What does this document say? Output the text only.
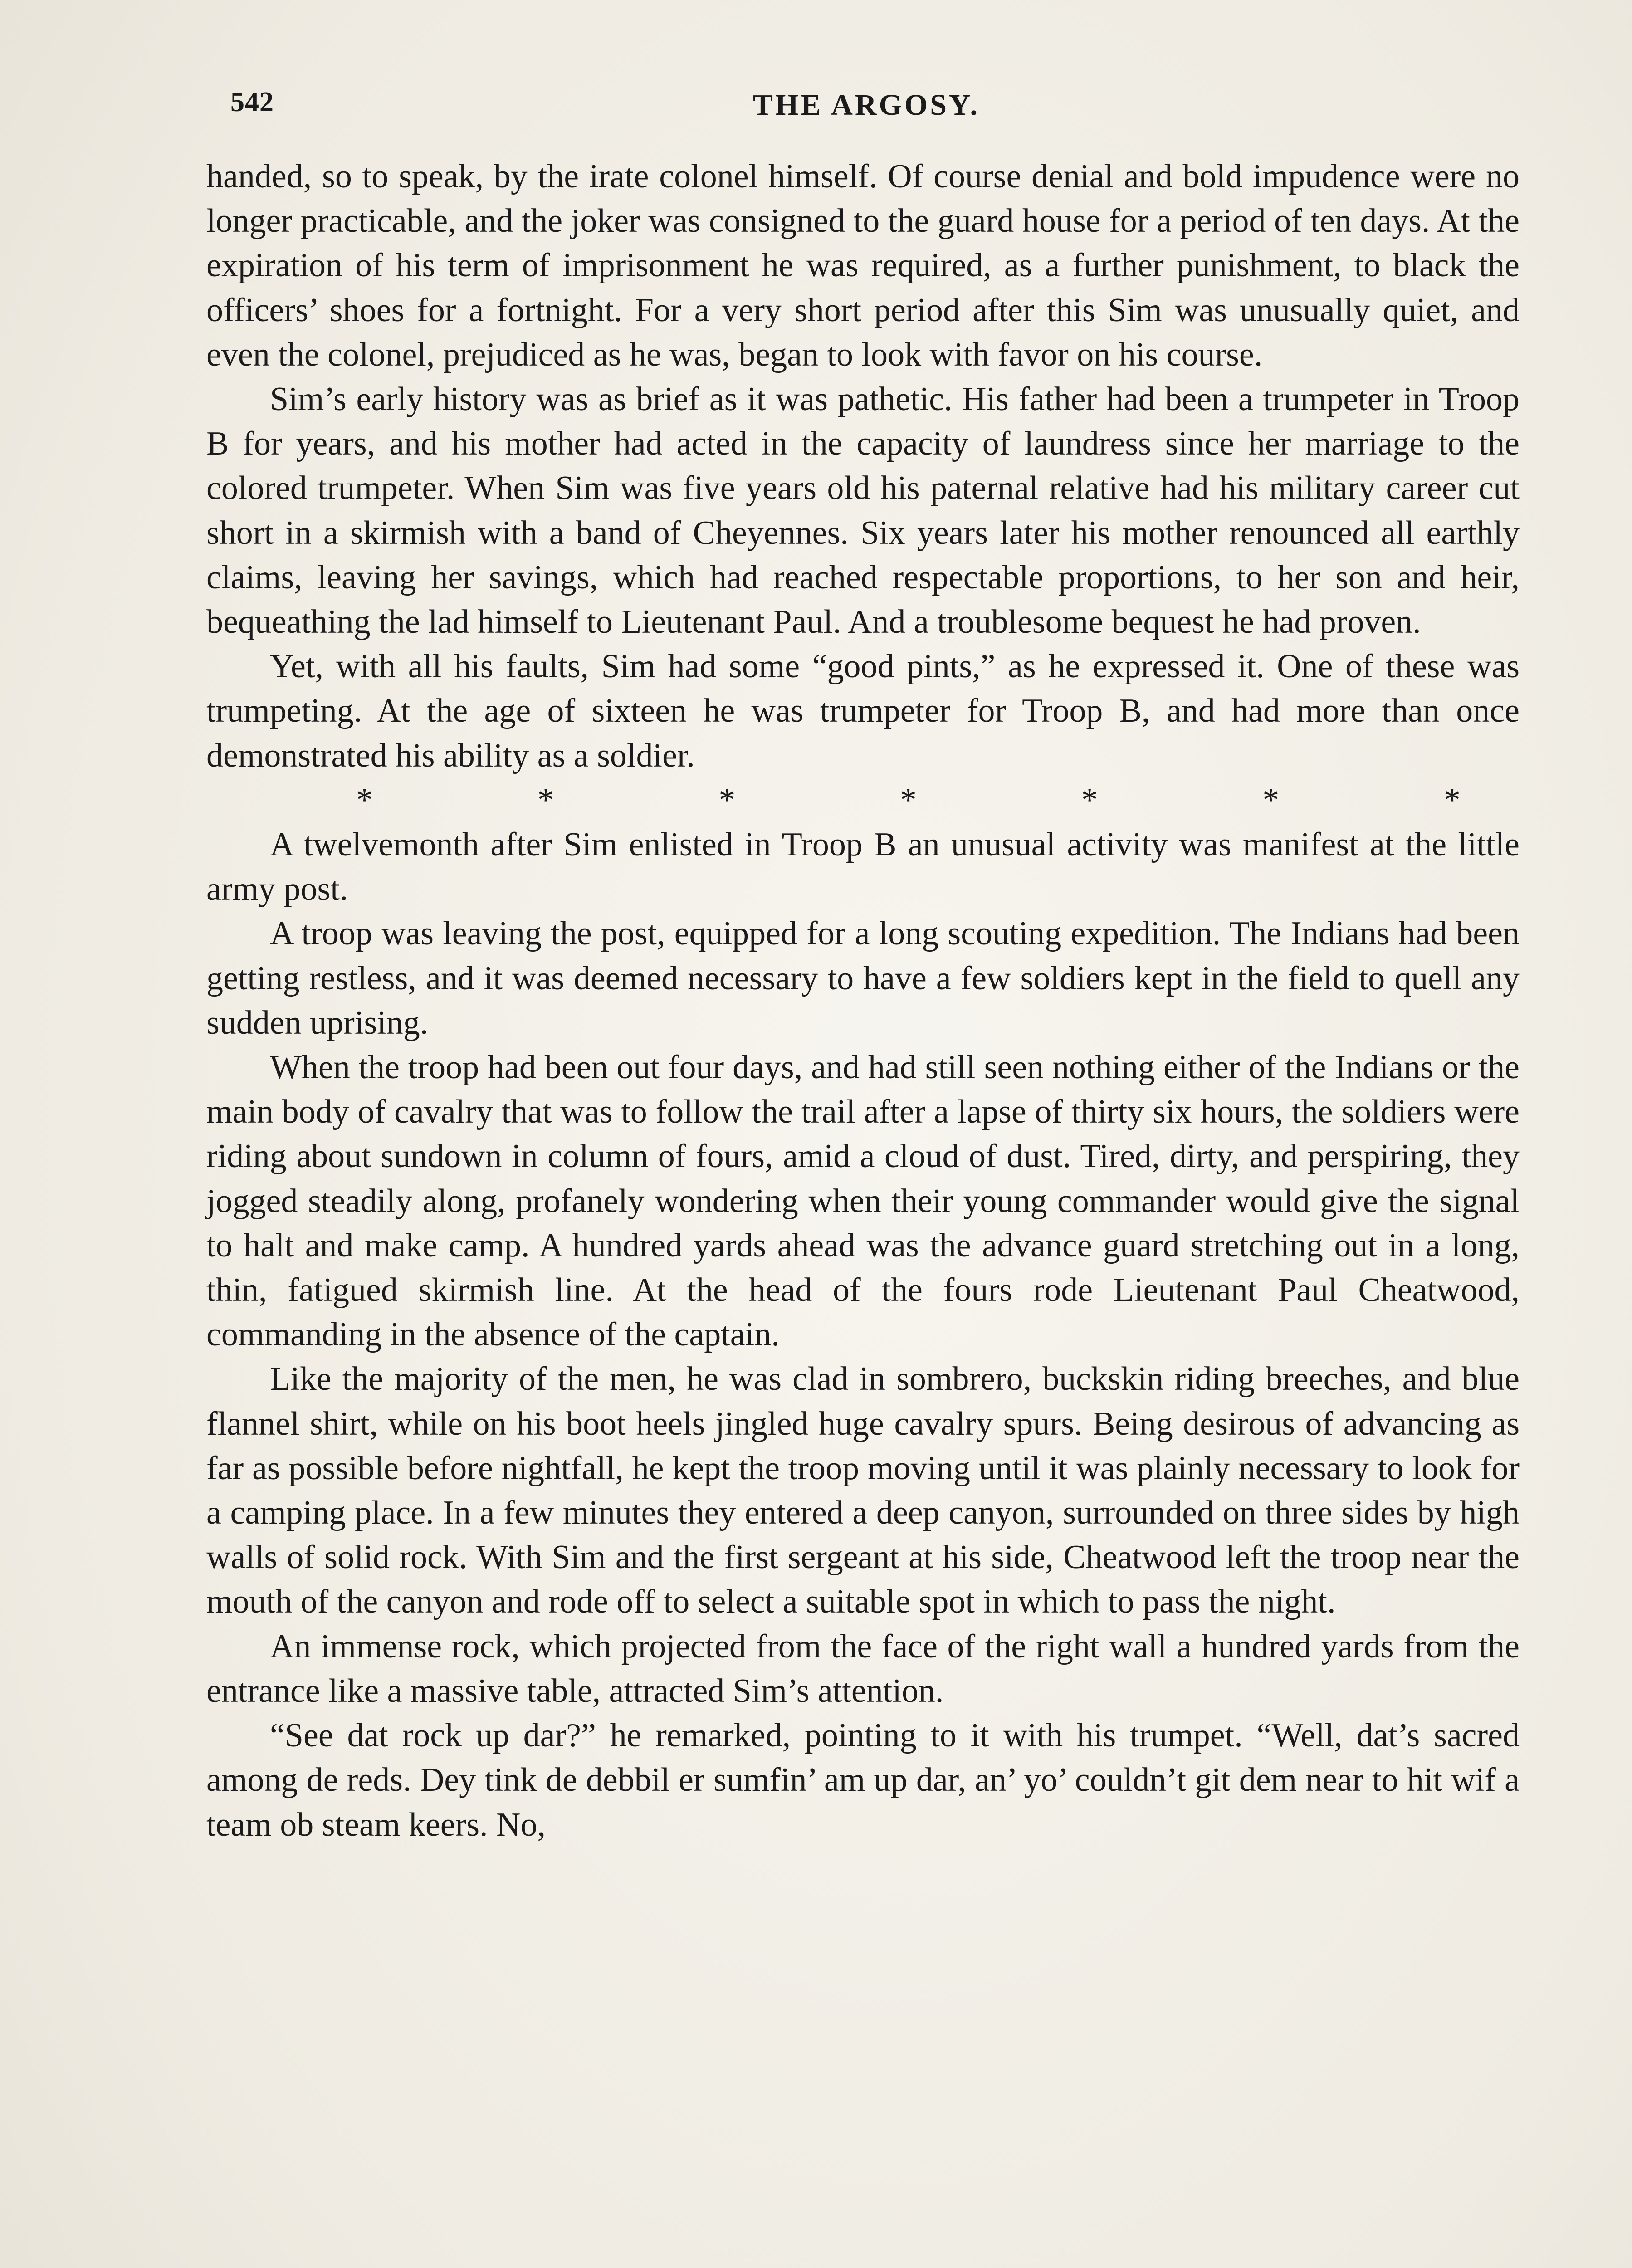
542	THE ARGOSY.

handed, so to speak, by the irate colonel himself. Of course denial and bold impudence were no longer practicable, and the joker was consigned to the guard house for a period of ten days. At the expiration of his term of imprisonment he was required, as a further punishment, to black the officers’ shoes for a fortnight. For a very short period after this Sim was unusually quiet, and even the colonel, prejudiced as he was, began to look with favor on his course.

Sim’s early history was as brief as it was pathetic. His father had been a trumpeter in Troop B for years, and his mother had acted in the capacity of laundress since her marriage to the colored trumpeter. When Sim was five years old his paternal relative had his military career cut short in a skirmish with a band of Cheyennes. Six years later his mother renounced all earthly claims, leaving her savings, which had reached respectable proportions, to her son and heir, bequeathing the lad himself to Lieutenant Paul. And a troublesome bequest he had proven.

Yet, with all his faults, Sim had some “good pints,” as he expressed it. One of these was trumpeting. At the age of sixteen he was trumpeter for Troop B, and had more than once demonstrated his ability as a soldier.

*	*	*	*	*	*	*

A twelvemonth after Sim enlisted in Troop B an unusual activity was manifest at the little army post.

A troop was leaving the post, equipped for a long scouting expedition. The Indians had been getting restless, and it was deemed necessary to have a few soldiers kept in the field to quell any sudden uprising.

When the troop had been out four days, and had still seen nothing either of the Indians or the main body of cavalry that was to follow the trail after a lapse of thirty six hours, the soldiers were riding about sundown in column of fours, amid a cloud of dust. Tired, dirty, and perspiring, they jogged steadily along, profanely wondering when their young commander would give the signal to halt and make camp. A hundred yards ahead was the advance guard stretching out in a long, thin, fatigued skirmish line. At the head of the fours rode Lieutenant Paul Cheatwood, commanding in the absence of the captain.

Like the majority of the men, he was clad in sombrero, buckskin riding breeches, and blue flannel shirt, while on his boot heels jingled huge cavalry spurs. Being desirous of advancing as far as possible before nightfall, he kept the troop moving until it was plainly necessary to look for a camping place. In a few minutes they entered a deep canyon, surrounded on three sides by high walls of solid rock. With Sim and the first sergeant at his side, Cheatwood left the troop near the mouth of the canyon and rode off to select a suitable spot in which to pass the night.

An immense rock, which projected from the face of the right wall a hundred yards from the entrance like a massive table, attracted Sim’s attention.

“See dat rock up dar?” he remarked, pointing to it with his trumpet. “Well, dat’s sacred among de reds. Dey tink de debbil er sumfin’ am up dar, an’ yo’ couldn’t git dem near to hit wif a team ob steam keers. No,
